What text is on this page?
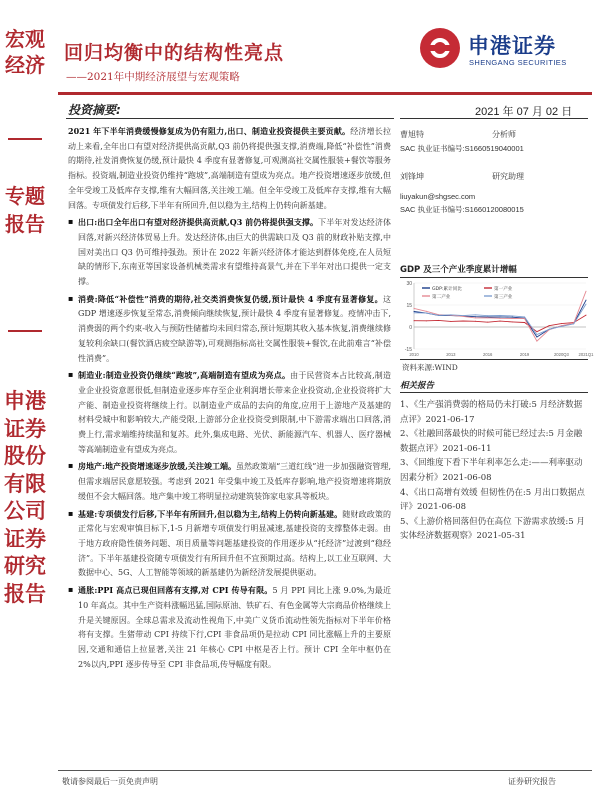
宏观经济
专题报告
申港证券股份有限公司证券研究报告
回归均衡中的结构性亮点
——2021年中期经济展望与宏观策略
申港证券
SHENGANG SECURITIES
投资摘要:	2021 年 07 月 02 日

2021 年下半年消费缓慢修复成为仍有阻力,出口、制造业投资提供主要贡献。经济增长拉动上来看,全年出口有望对经济提供高贡献,Q3 前仍将提供强支撑,消费端,降低“补偿性”消费的期待,社发消费恢复仍缓,预计最快 4 季度有显著修复,可观测高社交属性服装+餐饮等服务指标。投资端,制造业投资仍维持“跑坡”,高端制造有望成为亮点。地产投资增速逐步放缓,但全年受竣工及低库存支撑,维有大幅回落,关注竣工端。但全年受竣工及低库存支撑,维有大幅回落。专项债发行后移,下半年有所回升,但以稳为主,结构上仍转向新基建。

▪ 出口:出口全年出口有望对经济提供高贡献,Q3 前仍将提供强支撑。下半年对发达经济体回落,对新兴经济体贸易上升。发达经济体,由巨大的供需缺口及 Q3 前的财政补贴支撑,中国对美出口 Q3 仍可维持强劲。预计在 2022 年新兴经济体才能达到群体免疫,在人员短缺的情形下,东南亚等国家设备机械类需求有望维持高景气,并在下半年对出口提供一定支撑。
▪ 消费:降低“补偿性”消费的期待,社交类消费恢复仍缓,预计最快 4 季度有显著修复。这 GDP 增速逐步恢复至常态,消费倾向继续恢复,预计最快 4 季度有显著修复。疫情冲击下,消费弱的两个约束-收入与预防性储蓄均未回归常态,预计短期其收入基本恢复,消费继续修复较利余缺口(餐饮酒店疲空缺游等),可观测指标高社交属性服装+餐饮,在此前难言“补偿性消费”。
▪ 制造业:制造业投资仍继续“跑坡”,高端制造有望成为亮点。由于民营资本占比较高,制造业企业投资意愿很低,但制造业逐步库存至企业利润增长带来企业投资动,企业投资将扩大产能、制造业投资将继续上行。以制造业产成品的去向的角度,应用于上游地产及基建的材料受城中和影响较大,产能受限,上游部分企业投资受到限制,中下游需求端出口回落,消费上行,需求端维持续温和复苏。此外,集成电路、光伏、新能源汽车、机器人、医疗器械等高端制造业有望成为亮点。
▪ 房地产:地产投资增速逐步放缓,关注竣工端。虽然政策端“三道红线”进一步加强融资管理,但需求端居民意愿较强。考虑到 2021 年受集中竣工及低库存影响,地产投资增速将期放缓但不会大幅回落。地产集中竣工将明显拉动建筑装饰家电家具等板块。
▪ 基建:专项债发行后移,下半年有所回升,但以稳为主,结构上仍转向新基建。随财政政策的正常化与宏观审慎目标下,1-5 月新增专项债发行明显减速,基建投资的支撑整体走弱。由于地方政府隐性债务问题、项目质量等问题基建投资的作用逐步从“托经济”过渡到“稳经济”。下半年基建投资随专项债发行有所回升但不宜预期过高。结构上,以工业互联网、大数据中心、5G、人工智能等领域的新基建仍为新经济发展提供驱动。
▪ 通胀:PPI 高点已现但回落有支撑,对 CPI 传导有限。5 月 PPI 同比上涨 9.0%,为最近 10 年高点。其中生产资料涨幅迅猛,国际原油、铁矿石、有色金属等大宗商品价格继续上升是关键原因。全球总需求及流动性视角下,中美广义货币流动性领先指标对下半年价格将有支撑。生猪带动 CPI 持续下行,CPI 非食品项仍是拉动 CPI 同比涨幅上升的主要原因,交通和通信上拉显著,关注 21 年核心 CPI 中枢是否上行。预计 CPI 全年中枢仍在 2%以内,PPI 逐步传导至 CPI 非食品项,传导幅度有限。
曹旭特	分析师
SAC 执业证书编号:S1660519040001
刘锋坤	研究助理
liuyakun@shgsec.com
SAC 执业证书编号:S1660120080015
GDP 及三个产业季度累计增幅
-15
0
15
30
2010	2013	2016	2019	2020Q3 2021Q1
GDP:累计同比	第一产业
第二产业	第三产业
资料来源:WIND
相关报告
1、《生产强消费弱的格局仍未打破:5 月经济数据点评》2021-06-17
2、《社融回落最快的时候可能已经过去:5 月金融数据点评》2021-06-11
3、《回维度下看下半年利率怎么走:——利率驱动因素分析》2021-06-08
4、《出口高增有效缓 但韧性仍在:5 月出口数据点评》2021-06-08
5、《上游价格回落但仍在高位 下游需求放缓:5 月实体经济数据观察》2021-05-31
敬请参阅最后一页免责声明	证券研究报告
